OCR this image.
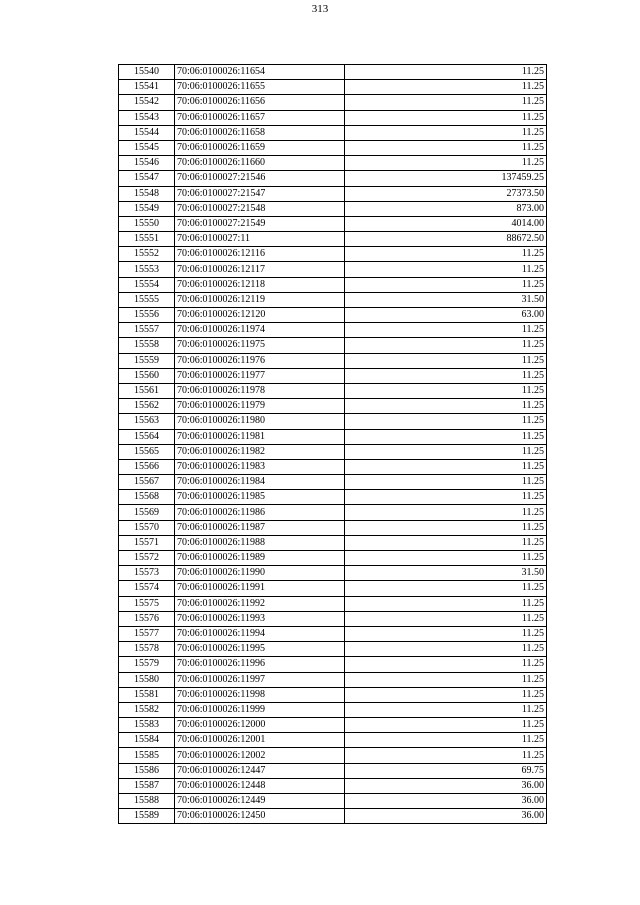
313
15540	70:06:0100026:11654	11.25
15541	70:06:0100026:11655	11.25
15542	70:06:0100026:11656	11.25
15543	70:06:0100026:11657	11.25
15544	70:06:0100026:11658	11.25
15545	70:06:0100026:11659	11.25
15546	70:06:0100026:11660	11.25
15547	70:06:0100027:21546	137459.25
15548	70:06:0100027:21547	27373.50
15549	70:06:0100027:21548	873.00
15550	70:06:0100027:21549	4014.00
15551	70:06:0100027:11	88672.50
15552	70:06:0100026:12116	11.25
15553	70:06:0100026:12117	11.25
15554	70:06:0100026:12118	11.25
15555	70:06:0100026:12119	31.50
15556	70:06:0100026:12120	63.00
15557	70:06:0100026:11974	11.25
15558	70:06:0100026:11975	11.25
15559	70:06:0100026:11976	11.25
15560	70:06:0100026:11977	11.25
15561	70:06:0100026:11978	11.25
15562	70:06:0100026:11979	11.25
15563	70:06:0100026:11980	11.25
15564	70:06:0100026:11981	11.25
15565	70:06:0100026:11982	11.25
15566	70:06:0100026:11983	11.25
15567	70:06:0100026:11984	11.25
15568	70:06:0100026:11985	11.25
15569	70:06:0100026:11986	11.25
15570	70:06:0100026:11987	11.25
15571	70:06:0100026:11988	11.25
15572	70:06:0100026:11989	11.25
15573	70:06:0100026:11990	31.50
15574	70:06:0100026:11991	11.25
15575	70:06:0100026:11992	11.25
15576	70:06:0100026:11993	11.25
15577	70:06:0100026:11994	11.25
15578	70:06:0100026:11995	11.25
15579	70:06:0100026:11996	11.25
15580	70:06:0100026:11997	11.25
15581	70:06:0100026:11998	11.25
15582	70:06:0100026:11999	11.25
15583	70:06:0100026:12000	11.25
15584	70:06:0100026:12001	11.25
15585	70:06:0100026:12002	11.25
15586	70:06:0100026:12447	69.75
15587	70:06:0100026:12448	36.00
15588	70:06:0100026:12449	36.00
15589	70:06:0100026:12450	36.00
